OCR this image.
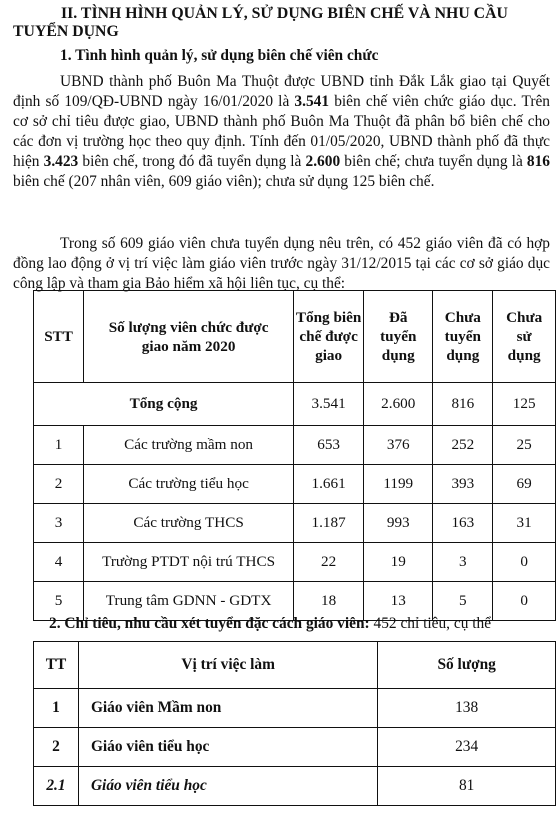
II. TÌNH HÌNH QUẢN LÝ, SỬ DỤNG BIÊN CHẾ VÀ NHU CẦU
TUYỂN DỤNG
1. Tình hình quản lý, sử dụng biên chế viên chức
UBND thành phố Buôn Ma Thuột được UBND tỉnh Đắk Lắk giao tại Quyết định số 109/QĐ-UBND ngày 16/01/2020 là 3.541 biên chế viên chức giáo dục. Trên cơ sở chỉ tiêu được giao, UBND thành phố Buôn Ma Thuột đã phân bổ biên chế cho các đơn vị trường học theo quy định. Tính đến 01/05/2020, UBND thành phố đã thực hiện 3.423 biên chế, trong đó đã tuyển dụng là 2.600 biên chế; chưa tuyển dụng là 816 biên chế (207 nhân viên, 609 giáo viên); chưa sử dụng 125 biên chế.
Trong số 609 giáo viên chưa tuyển dụng nêu trên, có 452 giáo viên đã có hợp đồng lao động ở vị trí việc làm giáo viên trước ngày 31/12/2015 tại các cơ sở giáo dục công lập và tham gia Bảo hiểm xã hội liên tục, cụ thể:
STT	Số lượng viên chức được giao năm 2020	Tổng biên chế được giao	Đã tuyển dụng	Chưa tuyển dụng	Chưa sử dụng
Tổng cộng		3.541	2.600	816	125
1	Các trường mầm non	653	376	252	25
2	Các trường tiểu học	1.661	1199	393	69
3	Các trường THCS	1.187	993	163	31
4	Trường PTDT nội trú THCS	22	19	3	0
5	Trung tâm GDNN - GDTX	18	13	5	0
2. Chỉ tiêu, nhu cầu xét tuyển đặc cách giáo viên: 452 chỉ tiêu, cụ thể
TT	Vị trí việc làm	Số lượng
1	Giáo viên Mầm non	138
2	Giáo viên tiểu học	234
2.1	Giáo viên tiểu học	81
